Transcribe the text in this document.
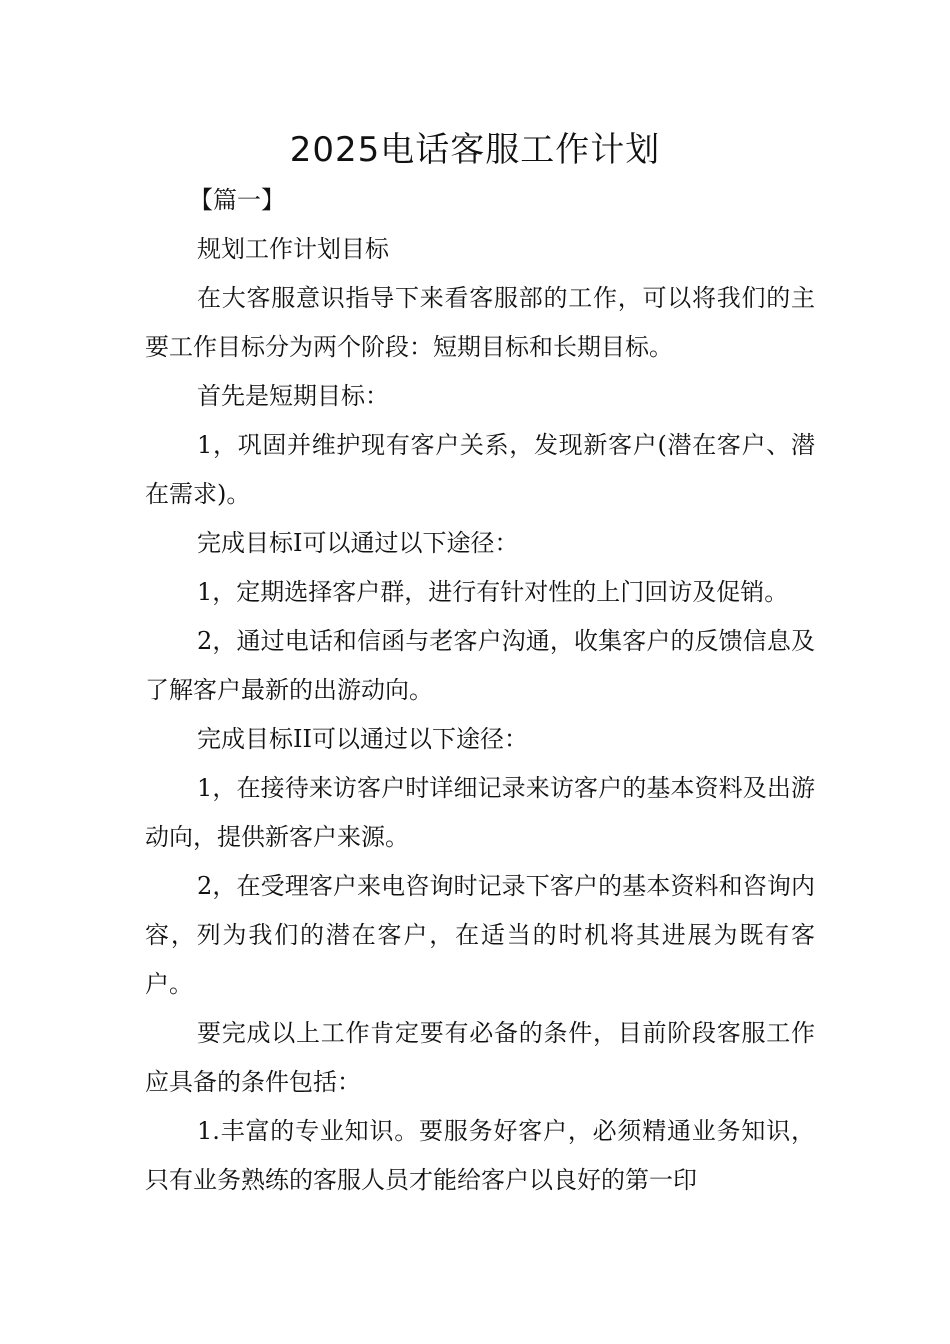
2025电话客服工作计划

【篇一】

规划工作计划目标

在大客服意识指导下来看客服部的工作，可以将我们的主要工作目标分为两个阶段：短期目标和长期目标。

首先是短期目标：

1，巩固并维护现有客户关系，发现新客户(潜在客户、潜在需求)。

完成目标I可以通过以下途径：

1，定期选择客户群，进行有针对性的上门回访及促销。

2，通过电话和信函与老客户沟通，收集客户的反馈信息及了解客户最新的出游动向。

完成目标II可以通过以下途径：

1，在接待来访客户时详细记录来访客户的基本资料及出游动向，提供新客户来源。

2，在受理客户来电咨询时记录下客户的基本资料和咨询内容，列为我们的潜在客户，在适当的时机将其进展为既有客户。

要完成以上工作肯定要有必备的条件，目前阶段客服工作应具备的条件包括：

1.丰富的专业知识。要服务好客户，必须精通业务知识，只有业务熟练的客服人员才能给客户以良好的第一印
